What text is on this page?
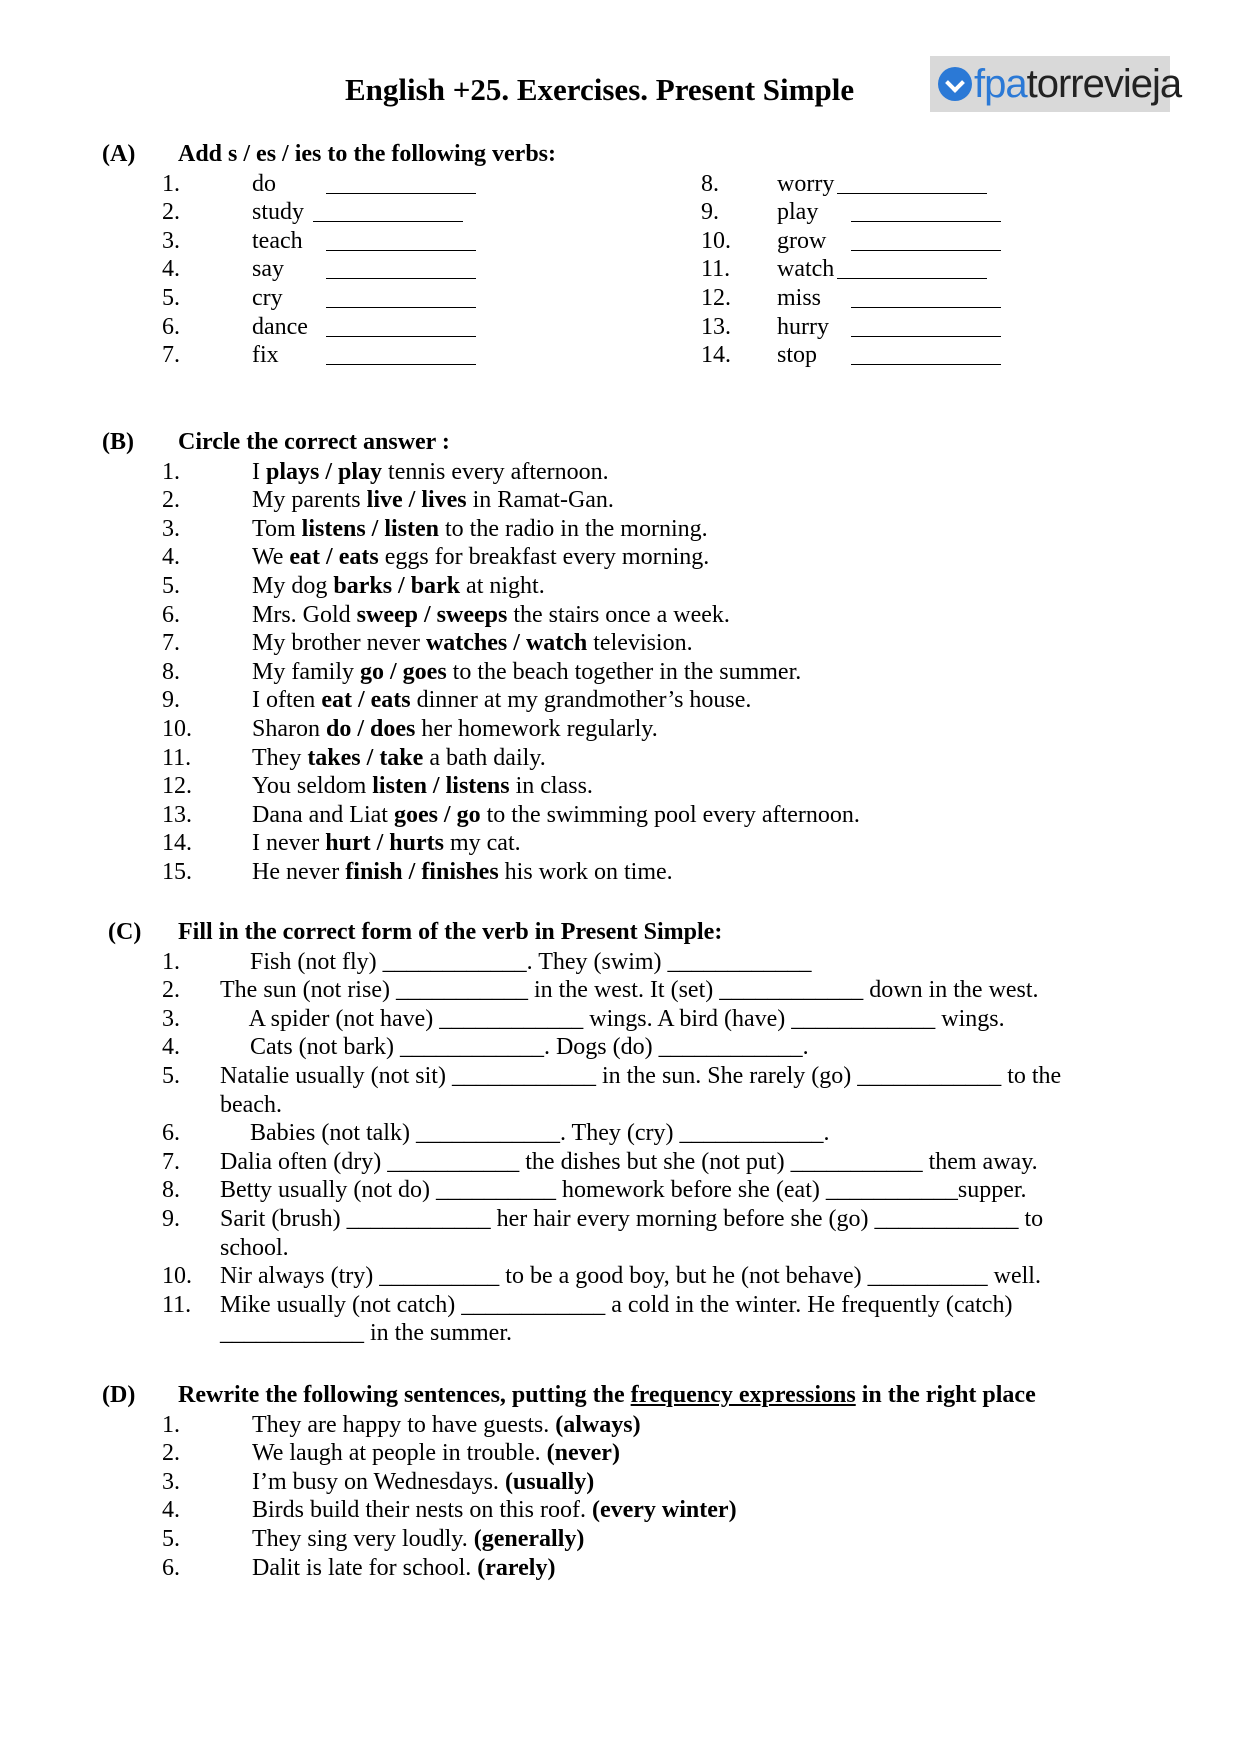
English +25. Exercises. Present Simple	fpatorrevieja
(A) Add s / es / ies to the following verbs:
1.	do
2.	study
3.	teach
4.	say
5.	cry
6.	dance
7.	fix
8. worry
9. play
10. grow
11. watch
12. miss
13. hurry
14. stop
(B) Circle the correct answer :
1.	I plays / play tennis every afternoon.
2.	My parents live / lives in Ramat-Gan.
3.	Tom listens / listen to the radio in the morning.
4.	We eat / eats eggs for breakfast every morning.
5.	My dog barks / bark at night.
6.	Mrs. Gold sweep / sweeps the stairs once a week.
7.	My brother never watches / watch television.
8.	My family go / goes to the beach together in the summer.
9.	I often eat / eats dinner at my grandmother’s house.
10.	Sharon do / does her homework regularly.
11.	They takes / take a bath daily.
12.	You seldom listen / listens in class.
13.	Dana and Liat goes / go to the swimming pool every afternoon.
14.	I never hurt / hurts my cat.
15.	He never finish / finishes his work on time.
(C) Fill in the correct form of the verb in Present Simple:
1. Fish (not fly) ____________. They (swim) ____________
2. The sun (not rise) ___________ in the west. It (set) ____________ down in the west.
3. A spider (not have) ____________ wings. A bird (have) ____________ wings.
4. Cats (not bark) ____________. Dogs (do) ____________.
5. Natalie usually (not sit) ____________ in the sun. She rarely (go) ____________ to the
beach.
6. Babies (not talk) ____________. They (cry) ____________.
7. Dalia often (dry) ___________ the dishes but she (not put) ___________ them away.
8. Betty usually (not do) __________ homework before she (eat) ___________supper.
9. Sarit (brush) ____________ her hair every morning before she (go) ____________ to
school.
10. Nir always (try) __________ to be a good boy, but he (not behave) __________ well.
11. Mike usually (not catch) ____________ a cold in the winter. He frequently (catch)
____________ in the summer.
(D) Rewrite the following sentences, putting the frequency expressions in the right place
1.	They are happy to have guests. (always)
2.	We laugh at people in trouble. (never)
3.	I’m busy on Wednesdays. (usually)
4.	Birds build their nests on this roof. (every winter)
5.	They sing very loudly. (generally)
6.	Dalit is late for school. (rarely)
